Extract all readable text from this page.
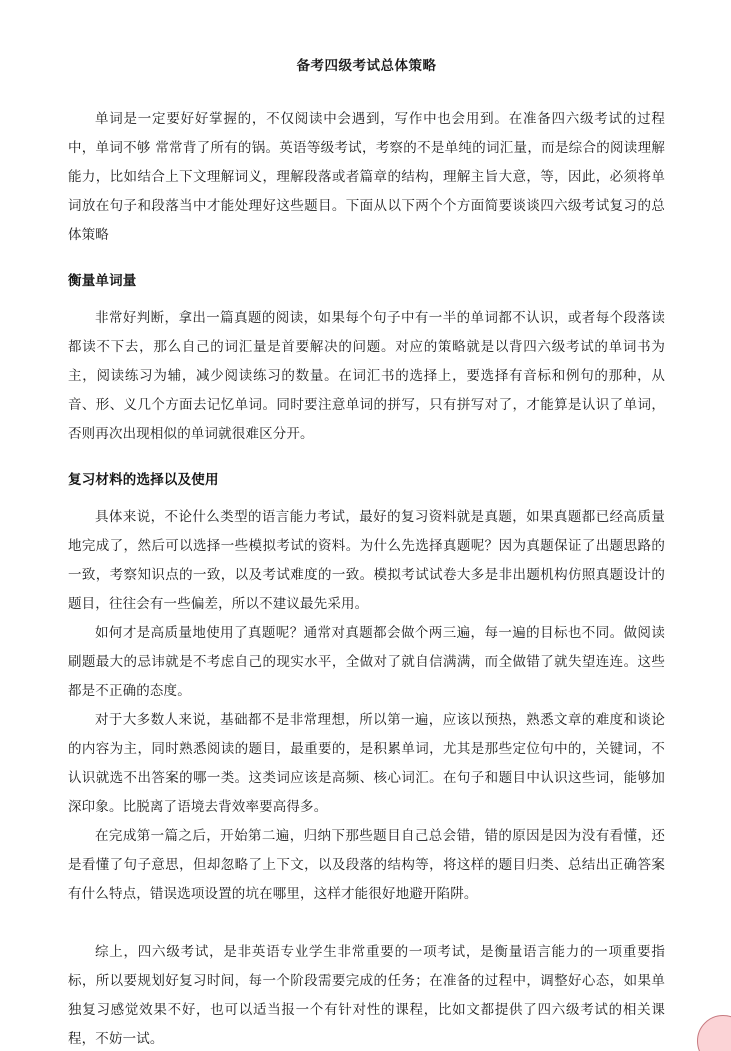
备考四级考试总体策略

单词是一定要好好掌握的，不仅阅读中会遇到，写作中也会用到。在准备四六级考试的过程中，单词不够 常常背了所有的锅。英语等级考试，考察的不是单纯的词汇量，而是综合的阅读理解能力，比如结合上下文理解词义，理解段落或者篇章的结构，理解主旨大意，等，因此，必须将单词放在句子和段落当中才能处理好这些题目。下面从以下两个个方面简要谈谈四六级考试复习的总体策略

衡量单词量

非常好判断，拿出一篇真题的阅读，如果每个句子中有一半的单词都不认识，或者每个段落读都读不下去，那么自己的词汇量是首要解决的问题。对应的策略就是以背四六级考试的单词书为主，阅读练习为辅，减少阅读练习的数量。在词汇书的选择上，要选择有音标和例句的那种，从音、形、义几个方面去记忆单词。同时要注意单词的拼写，只有拼写对了，才能算是认识了单词，否则再次出现相似的单词就很难区分开。

复习材料的选择以及使用

具体来说，不论什么类型的语言能力考试，最好的复习资料就是真题，如果真题都已经高质量地完成了，然后可以选择一些模拟考试的资料。为什么先选择真题呢？因为真题保证了出题思路的一致，考察知识点的一致，以及考试难度的一致。模拟考试试卷大多是非出题机构仿照真题设计的题目，往往会有一些偏差，所以不建议最先采用。

如何才是高质量地使用了真题呢？通常对真题都会做个两三遍，每一遍的目标也不同。做阅读刷题最大的忌讳就是不考虑自己的现实水平，全做对了就自信满满，而全做错了就失望连连。这些都是不正确的态度。

对于大多数人来说，基础都不是非常理想，所以第一遍，应该以预热，熟悉文章的难度和谈论的内容为主，同时熟悉阅读的题目，最重要的，是积累单词，尤其是那些定位句中的，关键词，不认识就选不出答案的哪一类。这类词应该是高频、核心词汇。在句子和题目中认识这些词，能够加深印象。比脱离了语境去背效率要高得多。

在完成第一篇之后，开始第二遍，归纳下那些题目自己总会错，错的原因是因为没有看懂，还是看懂了句子意思，但却忽略了上下文，以及段落的结构等，将这样的题目归类、总结出正确答案有什么特点，错误选项设置的坑在哪里，这样才能很好地避开陷阱。

综上，四六级考试，是非英语专业学生非常重要的一项考试，是衡量语言能力的一项重要指标，所以要规划好复习时间，每一个阶段需要完成的任务；在准备的过程中，调整好心态，如果单独复习感觉效果不好，也可以适当报一个有针对性的课程，比如文都提供了四六级考试的相关课程，不妨一试。
